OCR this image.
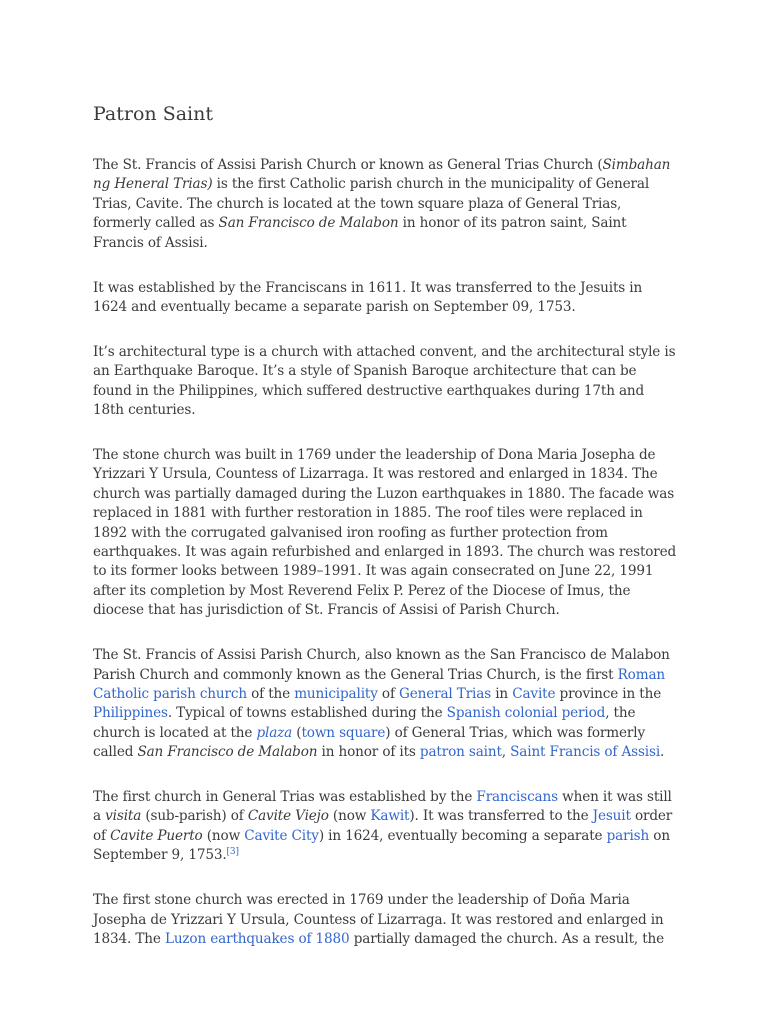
Patron Saint

The St. Francis of Assisi Parish Church or known as General Trias Church (Simbahan ng Heneral Trias) is the first Catholic parish church in the municipality of General Trias, Cavite. The church is located at the town square plaza of General Trias, formerly called as San Francisco de Malabon in honor of its patron saint, Saint Francis of Assisi.

It was established by the Franciscans in 1611. It was transferred to the Jesuits in 1624 and eventually became a separate parish on September 09, 1753.

It’s architectural type is a church with attached convent, and the architectural style is an Earthquake Baroque. It’s a style of Spanish Baroque architecture that can be found in the Philippines, which suffered destructive earthquakes during 17th and 18th centuries.

The stone church was built in 1769 under the leadership of Dona Maria Josepha de Yrizzari Y Ursula, Countess of Lizarraga. It was restored and enlarged in 1834. The church was partially damaged during the Luzon earthquakes in 1880. The facade was replaced in 1881 with further restoration in 1885. The roof tiles were replaced in 1892 with the corrugated galvanised iron roofing as further protection from earthquakes. It was again refurbished and enlarged in 1893. The church was restored to its former looks between 1989–1991. It was again consecrated on June 22, 1991 after its completion by Most Reverend Felix P. Perez of the Diocese of Imus, the diocese that has jurisdiction of St. Francis of Assisi of Parish Church.

The St. Francis of Assisi Parish Church, also known as the San Francisco de Malabon Parish Church and commonly known as the General Trias Church, is the first Roman Catholic parish church of the municipality of General Trias in Cavite province in the Philippines. Typical of towns established during the Spanish colonial period, the church is located at the plaza (town square) of General Trias, which was formerly called San Francisco de Malabon in honor of its patron saint, Saint Francis of Assisi.

The first church in General Trias was established by the Franciscans when it was still a visita (sub-parish) of Cavite Viejo (now Kawit). It was transferred to the Jesuit order of Cavite Puerto (now Cavite City) in 1624, eventually becoming a separate parish on September 9, 1753.[3]

The first stone church was erected in 1769 under the leadership of Doña Maria Josepha de Yrizzari Y Ursula, Countess of Lizarraga. It was restored and enlarged in 1834. The Luzon earthquakes of 1880 partially damaged the church. As a result, the
